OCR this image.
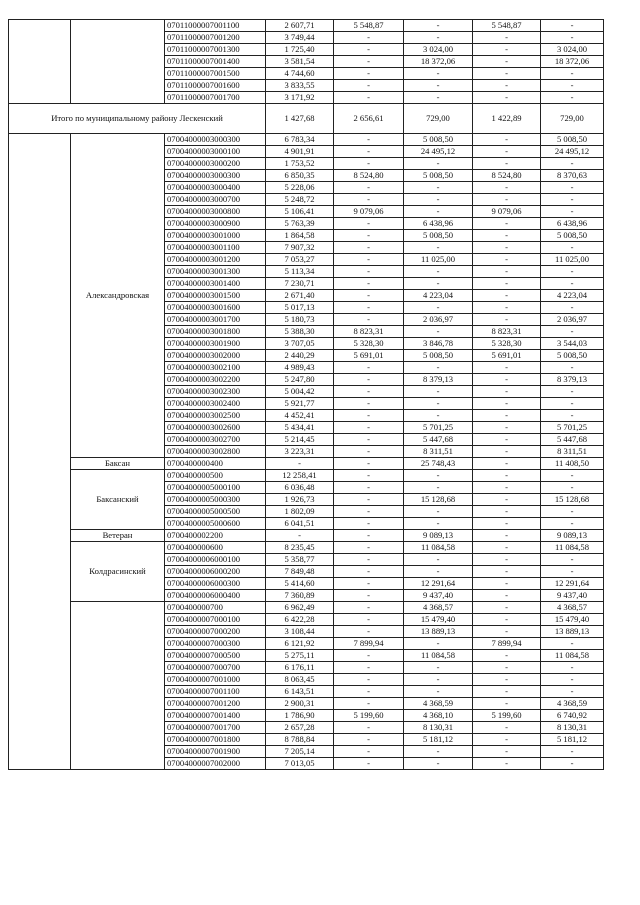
		07011000007001100	2 607,71	5 548,87	-	5 548,87	-
		07011000007001200	3 749,44	-	-	-	-
		07011000007001300	1 725,40	-	3 024,00	-	3 024,00
		07011000007001400	3 581,54	-	18 372,06	-	18 372,06
		07011000007001500	4 744,60	-	-	-	-
		07011000007001600	3 833,55	-	-	-	-
		07011000007001700	3 171,92	-	-	-	-
Итого по муниципальному району Лескенский			1 427,68	2 656,61	729,00	1 422,89	729,00
	Александровская	07004000003000300	6 783,34	-	5 008,50	-	5 008,50
		07004000003000100	4 901,91	-	24 495,12	-	24 495,12
		07004000003000200	1 753,52	-	-	-	-
		07004000003000300	6 850,35	8 524,80	5 008,50	8 524,80	8 370,63
		07004000003000400	5 228,06	-	-	-	-
		07004000003000700	5 248,72	-	-	-	-
		07004000003000800	5 106,41	9 079,06	-	9 079,06	-
		07004000003000900	5 763,39	-	6 438,96	-	6 438,96
		07004000003001000	1 864,58	-	5 008,50	-	5 008,50
		07004000003001100	7 907,32	-	-	-	-
		07004000003001200	7 053,27	-	11 025,00	-	11 025,00
		07004000003001300	5 113,34	-	-	-	-
		07004000003001400	7 230,71	-	-	-	-
		07004000003001500	2 671,40	-	4 223,04	-	4 223,04
		07004000003001600	5 017,13	-	-	-	-
		07004000003001700	5 180,73	-	2 036,97	-	2 036,97
		07004000003001800	5 388,30	8 823,31	-	8 823,31	-
		07004000003001900	3 707,05	5 328,30	3 846,78	5 328,30	3 544,03
		07004000003002000	2 440,29	5 691,01	5 008,50	5 691,01	5 008,50
		07004000003002100	4 989,43	-	-	-	-
		07004000003002200	5 247,80	-	8 379,13	-	8 379,13
		07004000003002300	5 004,42	-	-	-	-
		07004000003002400	5 921,77	-	-	-	-
		07004000003002500	4 452,41	-	-	-	-
		07004000003002600	5 434,41	-	5 701,25	-	5 701,25
		07004000003002700	5 214,45	-	5 447,68	-	5 447,68
		07004000003002800	3 223,31	-	8 311,51	-	8 311,51
	Баксан	0700400000400	-	-	25 748,43	-	11 408,50
	Баксанский	0700400000500	12 258,41	-	-	-	-
		07004000005000100	6 036,48	-	-	-	-
		07004000005000300	1 926,73	-	15 128,68	-	15 128,68
		07004000005000500	1 802,09	-	-	-	-
		07004000005000600	6 041,51	-	-	-	-
	Ветеран	0700400002200	-	-	9 089,13	-	9 089,13
	Колдрасинский	0700400000600	8 235,45	-	11 084,58	-	11 084,58
		07004000006000100	5 358,77	-	-	-	-
		07004000006000200	7 849,48	-	-	-	-
		07004000006000300	5 414,60	-	12 291,64	-	12 291,64
		07004000006000400	7 360,89	-	9 437,40	-	9 437,40
		0700400000700	6 962,49	-	4 368,57	-	4 368,57
		07004000007000100	6 422,28	-	15 479,40	-	15 479,40
		07004000007000200	3 108,44	-	13 889,13	-	13 889,13
		07004000007000300	6 121,92	7 899,94	-	7 899,94	-
		07004000007000500	5 275,11	-	11 084,58	-	11 084,58
		07004000007000700	6 176,11	-	-	-	-
		07004000007001000	8 063,45	-	-	-	-
		07004000007001100	6 143,51	-	-	-	-
		07004000007001200	2 900,31	-	4 368,59	-	4 368,59
		07004000007001400	1 786,90	5 199,60	4 368,10	5 199,60	6 740,92
		07004000007001700	2 657,28	-	8 130,31	-	8 130,31
		07004000007001800	8 788,84	-	5 181,12	-	5 181,12
		07004000007001900	7 205,14	-	-	-	-
		07004000007002000	7 013,05	-	-	-	-
